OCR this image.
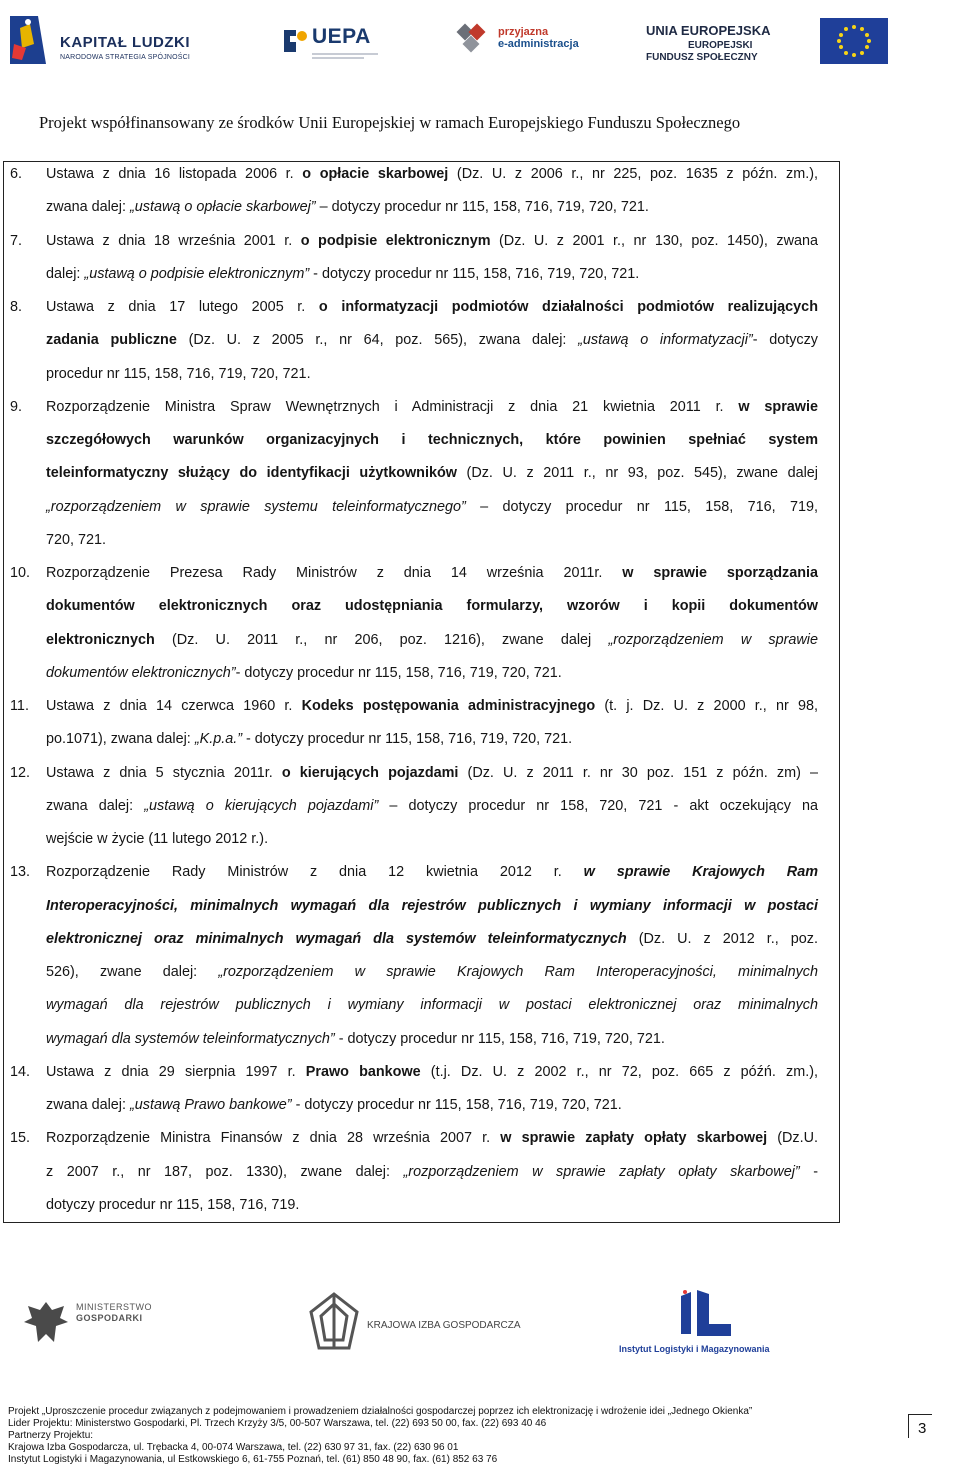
KAPITAŁ LUDZKI
NARODOWA STRATEGIA SPÓJNOŚCI
UEPA	przyjazna
e-administracja
UNIA EUROPEJSKA
EUROPEJSKI
FUNDUSZ SPOŁECZNY
Projekt współfinansowany ze środków Unii Europejskiej w ramach Europejskiego Funduszu Społecznego
6. Ustawa z dnia 16 listopada 2006 r. o opłacie skarbowej (Dz. U. z 2006 r., nr 225, poz. 1635 z późn. zm.),
zwana dalej: „ustawą o opłacie skarbowej” – dotyczy procedur nr 115, 158, 716, 719, 720, 721.
7. Ustawa z dnia 18 września 2001 r. o podpisie elektronicznym (Dz. U. z 2001 r., nr 130, poz. 1450), zwana
dalej: „ustawą o podpisie elektronicznym” - dotyczy procedur nr 115, 158, 716, 719, 720, 721.
8. Ustawa z dnia 17 lutego 2005 r. o informatyzacji podmiotów działalności podmiotów realizujących
zadania publiczne (Dz. U. z 2005 r., nr 64, poz. 565), zwana dalej: „ustawą o informatyzacji”- dotyczy
procedur nr 115, 158, 716, 719, 720, 721.
9. Rozporządzenie Ministra Spraw Wewnętrznych i Administracji z dnia 21 kwietnia 2011 r. w sprawie
szczegółowych warunków organizacyjnych i technicznych, które powinien spełniać system
teleinformatyczny służący do identyfikacji użytkowników (Dz. U. z 2011 r., nr 93, poz. 545), zwane dalej
„rozporządzeniem w sprawie systemu teleinformatycznego” – dotyczy procedur nr 115, 158, 716, 719,
720, 721.
10. Rozporządzenie Prezesa Rady Ministrów z dnia 14 września 2011r. w sprawie sporządzania
dokumentów elektronicznych oraz udostępniania formularzy, wzorów i kopii dokumentów
elektronicznych (Dz. U. 2011 r., nr 206, poz. 1216), zwane dalej „rozporządzeniem w sprawie
dokumentów elektronicznych”- dotyczy procedur nr 115, 158, 716, 719, 720, 721.
11. Ustawa z dnia 14 czerwca 1960 r. Kodeks postępowania administracyjnego (t. j. Dz. U. z 2000 r., nr 98,
po.1071), zwana dalej: „K.p.a.” - dotyczy procedur nr 115, 158, 716, 719, 720, 721.
12. Ustawa z dnia 5 stycznia 2011r. o kierujących pojazdami (Dz. U. z 2011 r. nr 30 poz. 151 z późn. zm) –
zwana dalej: „ustawą o kierujących pojazdami” – dotyczy procedur nr 158, 720, 721 - akt oczekujący na
wejście w życie (11 lutego 2012 r.).
13. Rozporządzenie Rady Ministrów z dnia 12 kwietnia 2012 r. w sprawie Krajowych Ram
Interoperacyjności, minimalnych wymagań dla rejestrów publicznych i wymiany informacji w postaci
elektronicznej oraz minimalnych wymagań dla systemów teleinformatycznych (Dz. U. z 2012 r., poz.
526), zwane dalej: „rozporządzeniem w sprawie Krajowych Ram Interoperacyjności, minimalnych
wymagań dla rejestrów publicznych i wymiany informacji w postaci elektronicznej oraz minimalnych
wymagań dla systemów teleinformatycznych” - dotyczy procedur nr 115, 158, 716, 719, 720, 721.
14. Ustawa z dnia 29 sierpnia 1997 r. Prawo bankowe (t.j. Dz. U. z 2002 r., nr 72, poz. 665 z późń. zm.),
zwana dalej: „ustawą Prawo bankowe” - dotyczy procedur nr 115, 158, 716, 719, 720, 721.
15. Rozporządzenie Ministra Finansów z dnia 28 września 2007 r. w sprawie zapłaty opłaty skarbowej (Dz.U.
z 2007 r., nr 187, poz. 1330), zwane dalej: „rozporządzeniem w sprawie zapłaty opłaty skarbowej” -
dotyczy procedur nr 115, 158, 716, 719.
MINISTERSTWO
GOSPODARKI
KRAJOWA IZBA GOSPODARCZA
Instytut Logistyki i Magazynowania
Projekt „Uproszczenie procedur związanych z podejmowaniem i prowadzeniem działalności gospodarczej poprzez ich elektronizację i wdrożenie idei „Jednego Okienka”
Lider Projektu: Ministerstwo Gospodarki, Pl. Trzech Krzyży 3/5, 00-507 Warszawa, tel. (22) 693 50 00, fax. (22) 693 40 46
Partnerzy Projektu:
Krajowa Izba Gospodarcza, ul. Trębacka 4, 00-074 Warszawa, tel. (22) 630 97 31, fax. (22) 630 96 01
Instytut Logistyki i Magazynowania, ul Estkowskiego 6, 61-755 Poznań, tel. (61) 850 48 90, fax. (61) 852 63 76
3
